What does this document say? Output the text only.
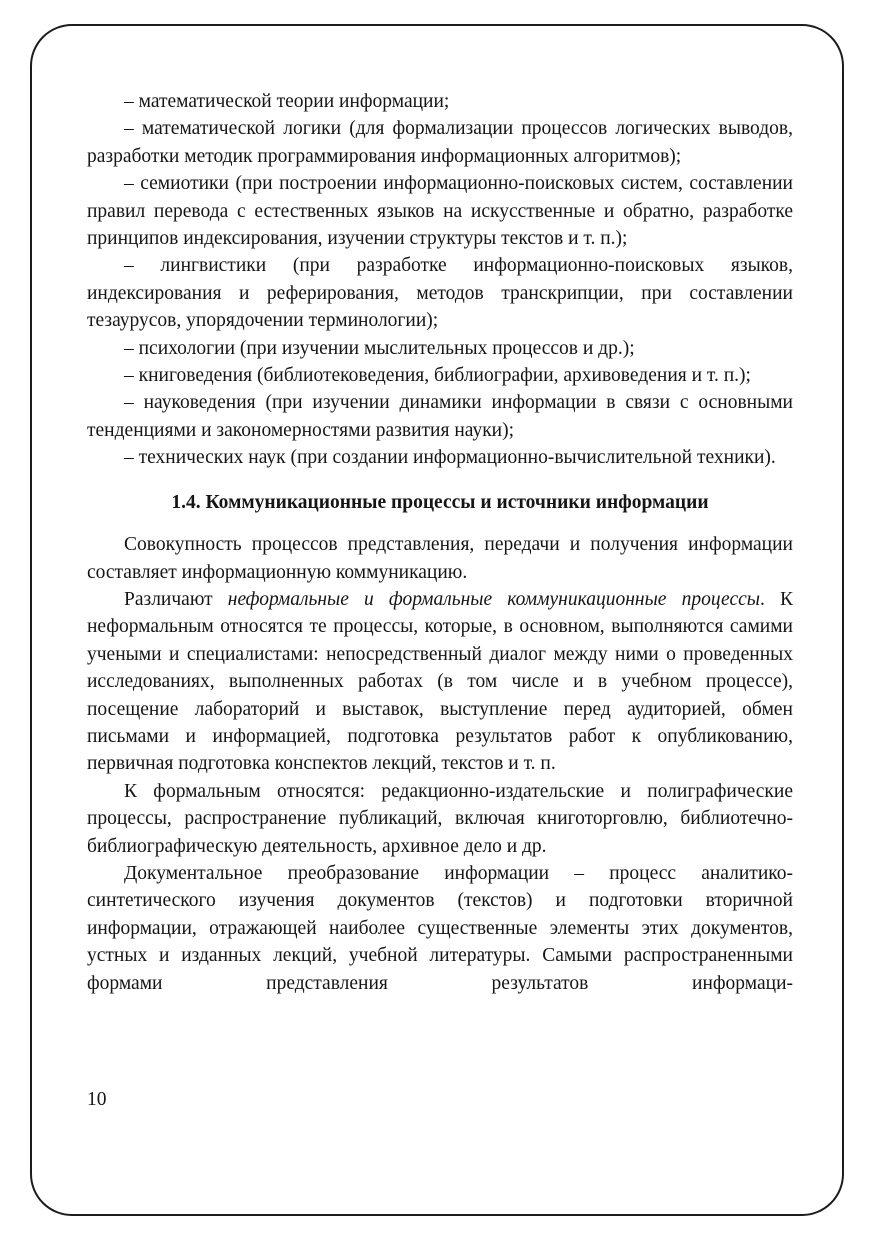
– математической теории информации;

– математической логики (для формализации процессов логических выводов, разработки методик программирования информационных алгоритмов);

– семиотики (при построении информационно-поисковых систем, составлении правил перевода с естественных языков на искусственные и обратно, разработке принципов индексирования, изучении структуры текстов и т. п.);

– лингвистики (при разработке информационно-поисковых языков, индексирования и реферирования, методов транскрипции, при составлении тезаурусов, упорядочении терминологии);

– психологии (при изучении мыслительных процессов и др.);

– книговедения (библиотековедения, библиографии, архивоведения и т. п.);

– науковедения (при изучении динамики информации в связи с основными тенденциями и закономерностями развития науки);

– технических наук (при создании информационно-вычислительной техники).

1.4. Коммуникационные процессы и источники информации

Совокупность процессов представления, передачи и получения информации составляет информационную коммуникацию.

Различают неформальные и формальные коммуникационные процессы. К неформальным относятся те процессы, которые, в основном, выполняются самими учеными и специалистами: непосредственный диалог между ними о проведенных исследованиях, выполненных работах (в том числе и в учебном процессе), посещение лабораторий и выставок, выступление перед аудиторией, обмен письмами и информацией, подготовка результатов работ к опубликованию, первичная подготовка конспектов лекций, текстов и т. п.

К формальным относятся: редакционно-издательские и полиграфические процессы, распространение публикаций, включая книготорговлю, библиотечно-библиографическую деятельность, архивное дело и др.

Документальное преобразование информации – процесс аналитико-синтетического изучения документов (текстов) и подготовки вторичной информации, отражающей наиболее существенные элементы этих документов, устных и изданных лекций, учебной литературы. Самыми распространенными формами представления результатов информаци-

10
